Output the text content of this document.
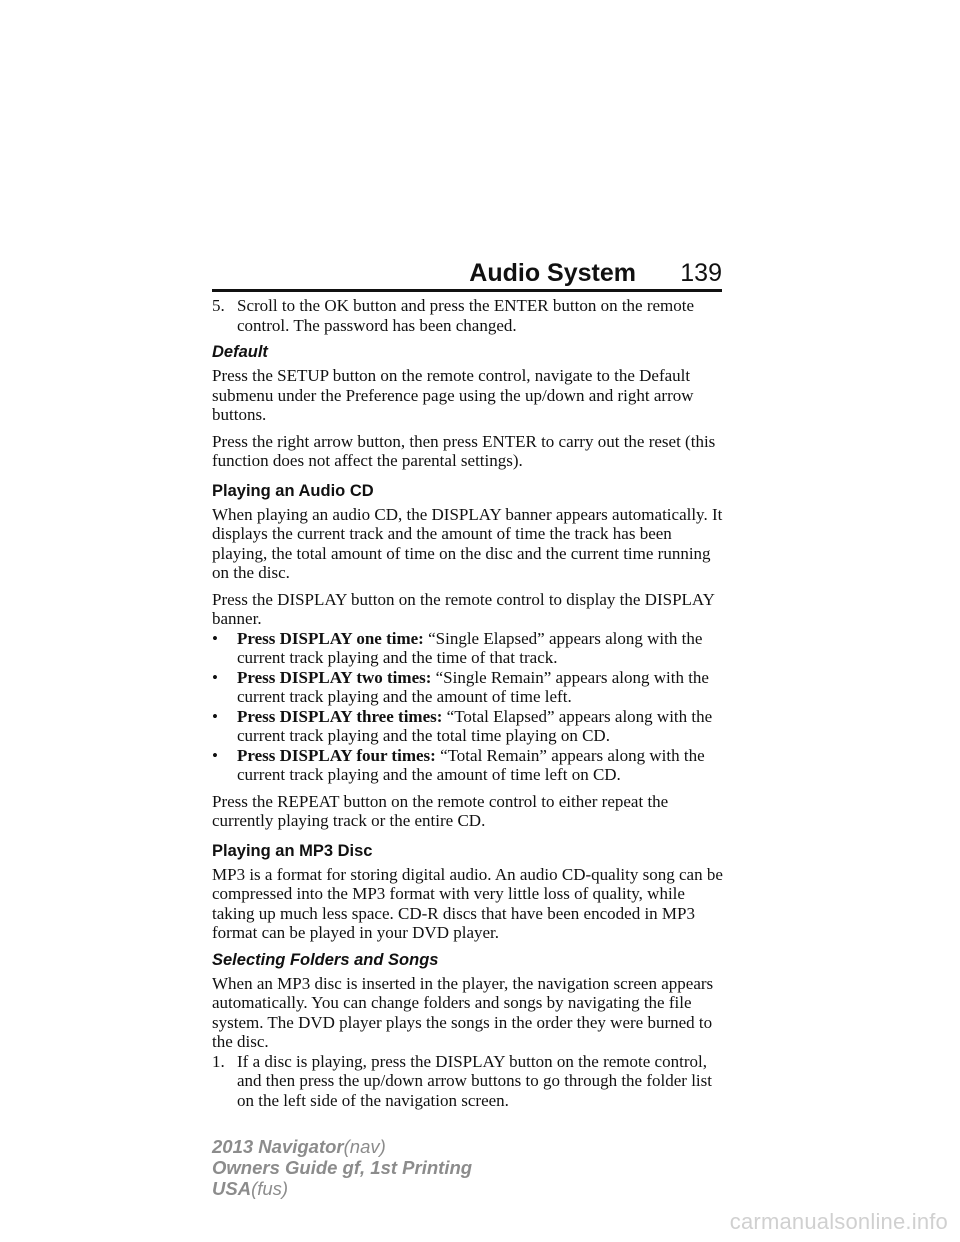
Audio System	139
5. Scroll to the OK button and press the ENTER button on the remote control. The password has been changed.
Default

Press the SETUP button on the remote control, navigate to the Default submenu under the Preference page using the up/down and right arrow buttons.

Press the right arrow button, then press ENTER to carry out the reset (this function does not affect the parental settings).

Playing an Audio CD

When playing an audio CD, the DISPLAY banner appears automatically. It displays the current track and the amount of time the track has been playing, the total amount of time on the disc and the current time running on the disc.

Press the DISPLAY button on the remote control to display the DISPLAY banner.

• Press DISPLAY one time: “Single Elapsed” appears along with the current track playing and the time of that track.
• Press DISPLAY two times: “Single Remain” appears along with the current track playing and the amount of time left.
• Press DISPLAY three times: “Total Elapsed” appears along with the current track playing and the total time playing on CD.
• Press DISPLAY four times: “Total Remain” appears along with the current track playing and the amount of time left on CD.

Press the REPEAT button on the remote control to either repeat the currently playing track or the entire CD.

Playing an MP3 Disc

MP3 is a format for storing digital audio. An audio CD-quality song can be compressed into the MP3 format with very little loss of quality, while taking up much less space. CD-R discs that have been encoded in MP3 format can be played in your DVD player.

Selecting Folders and Songs

When an MP3 disc is inserted in the player, the navigation screen appears automatically. You can change folders and songs by navigating the file system. The DVD player plays the songs in the order they were burned to the disc.

1. If a disc is playing, press the DISPLAY button on the remote control, and then press the up/down arrow buttons to go through the folder list on the left side of the navigation screen.
2013 Navigator(nav)
Owners Guide gf, 1st Printing
USA(fus)
carmanualsonline.info
